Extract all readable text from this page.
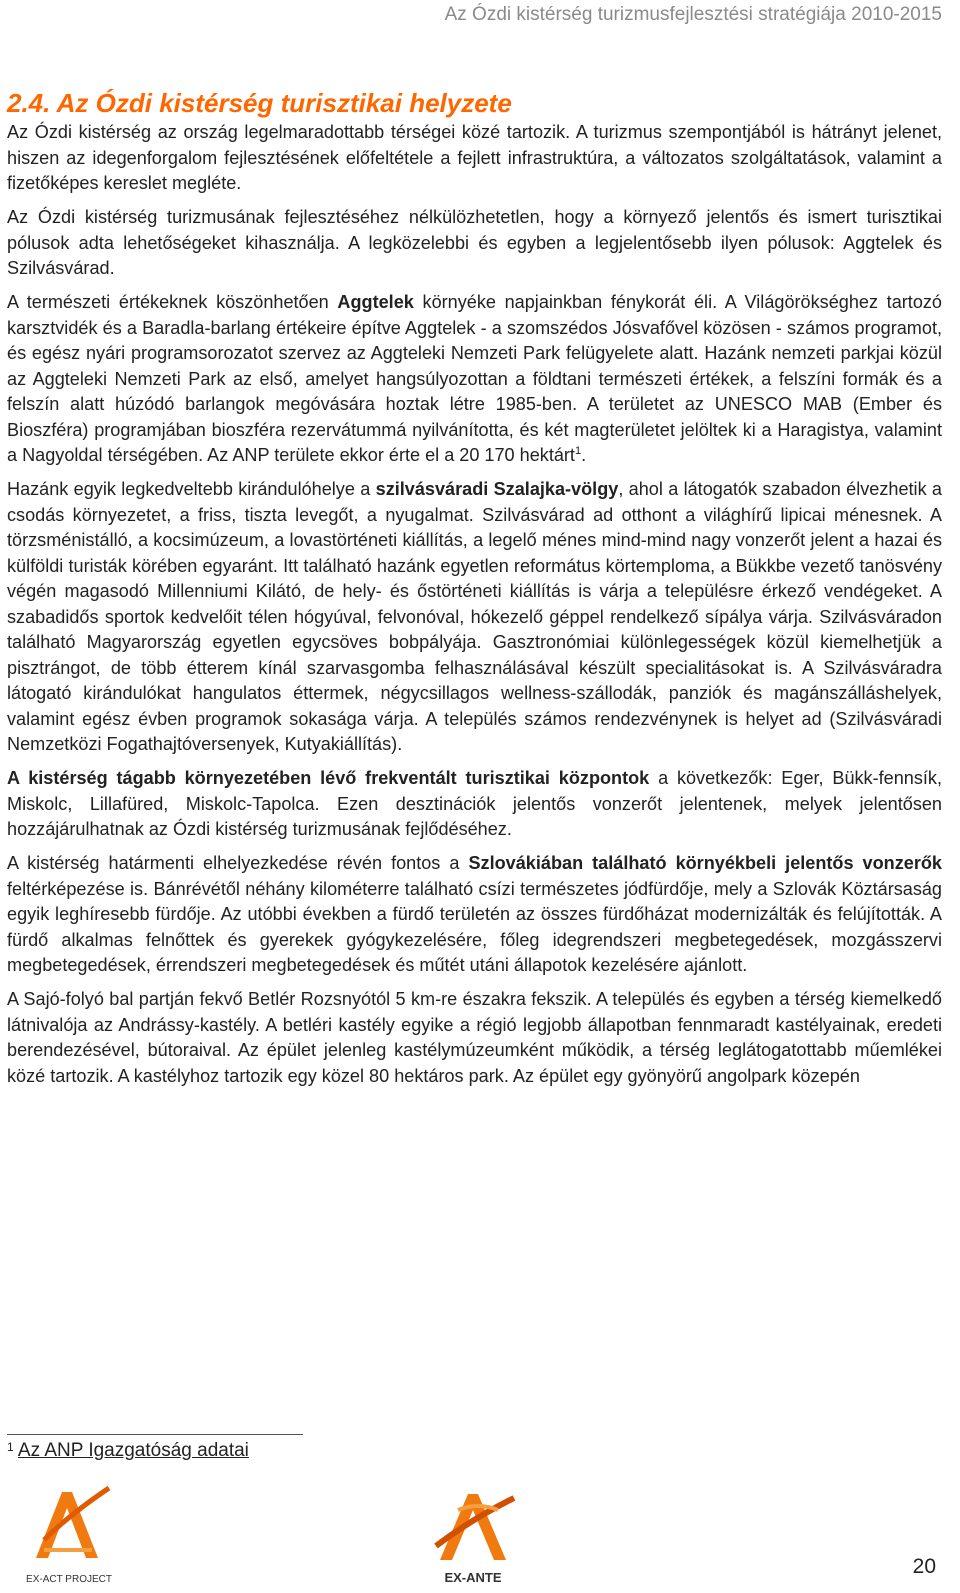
Az Ózdi kistérség turizmusfejlesztési stratégiája 2010-2015
2.4. Az Ózdi kistérség turisztikai helyzete

Az Ózdi kistérség az ország legelmaradottabb térségei közé tartozik. A turizmus szempontjából is hátrányt jelenet, hiszen az idegenforgalom fejlesztésének előfeltétele a fejlett infrastruktúra, a változatos szolgáltatások, valamint a fizetőképes kereslet megléte.

Az Ózdi kistérség turizmusának fejlesztéséhez nélkülözhetetlen, hogy a környező jelentős és ismert turisztikai pólusok adta lehetőségeket kihasználja. A legközelebbi és egyben a legjelentősebb ilyen pólusok: Aggtelek és Szilvásvárad.

A természeti értékeknek köszönhetően Aggtelek környéke napjainkban fénykorát éli. A Világörökséghez tartozó karsztvidék és a Baradla-barlang értékeire építve Aggtelek - a szomszédos Jósvafővel közösen - számos programot, és egész nyári programsorozatot szervez az Aggteleki Nemzeti Park felügyelete alatt. Hazánk nemzeti parkjai közül az Aggteleki Nemzeti Park az első, amelyet hangsúlyozottan a földtani természeti értékek, a felszíni formák és a felszín alatt húzódó barlangok megóvására hoztak létre 1985-ben. A területet az UNESCO MAB (Ember és Bioszféra) programjában bioszféra rezervátummá nyilvánította, és két magterületet jelöltek ki a Haragistya, valamint a Nagyoldal térségében. Az ANP területe ekkor érte el a 20 170 hektárt$^1$.

Hazánk egyik legkedveltebb kirándulóhelye a szilvásváradi Szalajka-völgy, ahol a látogatók szabadon élvezhetik a csodás környezetet, a friss, tiszta levegőt, a nyugalmat. Szilvásvárad ad otthont a világhírű lipicai ménesnek. A törzsménistálló, a kocsimúzeum, a lovastörténeti kiállítás, a legelő ménes mind-mind nagy vonzerőt jelent a hazai és külföldi turisták körében egyaránt. Itt található hazánk egyetlen református körtemploma, a Bükkbe vezető tanösvény végén magasodó Millenniumi Kilátó, de hely- és őstörténeti kiállítás is várja a településre érkező vendégeket. A szabadidős sportok kedvelőit télen hógyúval, felvonóval, hókezelő géppel rendelkező sípálya várja. Szilvásváradon található Magyarország egyetlen egycsöves bobpályája. Gasztronómiai különlegességek közül kiemelhetjük a pisztrángot, de több étterem kínál szarvasgomba felhasználásával készült specialitásokat is. A Szilvásváradra látogató kirándulókat hangulatos éttermek, négycsillagos wellness-szállodák, panziók és magánszálláshelyek, valamint egész évben programok sokasága várja. A település számos rendezvénynek is helyet ad (Szilvásváradi Nemzetközi Fogathajtóversenyek, Kutyakiállítás).

A kistérség tágabb környezetében lévő frekventált turisztikai központok a következők: Eger, Bükk-fennsík, Miskolc, Lillafüred, Miskolc-Tapolca. Ezen desztinációk jelentős vonzerőt jelentenek, melyek jelentősen hozzájárulhatnak az Ózdi kistérség turizmusának fejlődéséhez.

A kistérség határmenti elhelyezkedése révén fontos a Szlovákiában található környékbeli jelentős vonzerők feltérképezése is. Bánrévétől néhány kilométerre található csízi természetes jódfürdője, mely a Szlovák Köztársaság egyik leghíresebb fürdője. Az utóbbi években a fürdő területén az összes fürdőházat modernizálták és felújították. A fürdő alkalmas felnőttek és gyerekek gyógykezelésére, főleg idegrendszeri megbetegedések, mozgásszervi megbetegedések, érrendszeri megbetegedések és műtét utáni állapotok kezelésére ajánlott.

A Sajó-folyó bal partján fekvő Betlér Rozsnyótól 5 km-re északra fekszik. A település és egyben a térség kiemelkedő látnivalója az Andrássy-kastély. A betléri kastély egyike a régió legjobb állapotban fennmaradt kastélyainak, eredeti berendezésével, bútoraival. Az épület jelenleg kastélymúzeumként működik, a térség leglátogatottabb műemlékei közé tartozik. A kastélyhoz tartozik egy közel 80 hektáros park. Az épület egy gyönyörű angolpark közepén

$^1$ Az ANP Igazgatóság adatai
EX-ACT PROJECT	EX-ANTE	20
